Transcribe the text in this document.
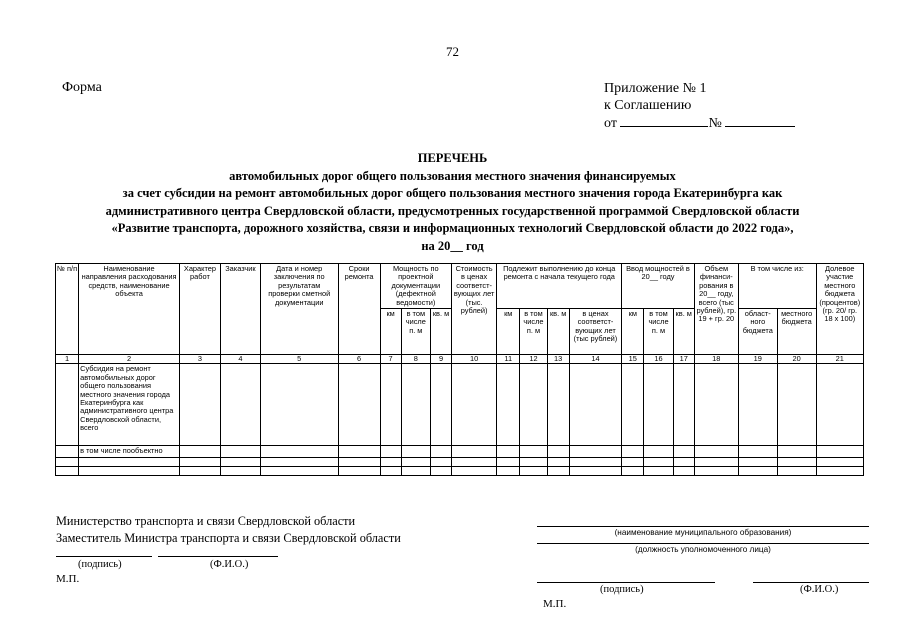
72
Форма	Приложение № 1
к Соглашению
от	№
ПЕРЕЧЕНЬ
автомобильных дорог общего пользования местного значения финансируемых
за счет субсидии на ремонт автомобильных дорог общего пользования местного значения города Екатеринбурга как
административного центра Свердловской области, предусмотренных государственной программой Свердловской области
«Развитие транспорта, дорожного хозяйства, связи и информационных технологий Свердловской области до 2022 года»,
на 20__ год
№ п/п	Наименование направления расходования средств, наименование объекта	Характер работ	Заказчик	Дата и номер заключения по результатам проверки сметной документации	Сроки ремонта	Мощность по проектной документации (дефектной ведомости)			Стоимость в ценах соответст-вующих лет (тыс. рублей)	Подлежит выполнению до конца ремонта с начала текущего года				Ввод мощностей в 20__ году			Объем финанси-рования в 20__ году, всего (тыс рублей), гр. 19 + гр. 20	В том числе из:		Долевое участие местного бюджета (процентов) (гр. 20/ гр. 18 x 100)
						км	в том числе п. м	кв. м		км	в том числе п. м	кв. м	в ценах соответст-вующих лет (тыс рублей)	км	в том числе п. м	кв. м		област-ного бюджета	местного бюджета	
1	2	3	4	5	6	7	8	9	10	11	12	13	14	15	16	17	18	19	20	21
	Субсидия на ремонт автомобильных дорог общего пользования местного значения города Екатеринбурга как административного центра Свердловской области, всего																			
	в том числе пообъектно																			

Министерство транспорта и связи Свердловской области
Заместитель Министра транспорта и связи Свердловской области
(подпись)	(Ф.И.О.)
М.П.
(наименование муниципального образования)
(должность уполномоченного лица)
(подпись)	(Ф.И.О.)
М.П.
